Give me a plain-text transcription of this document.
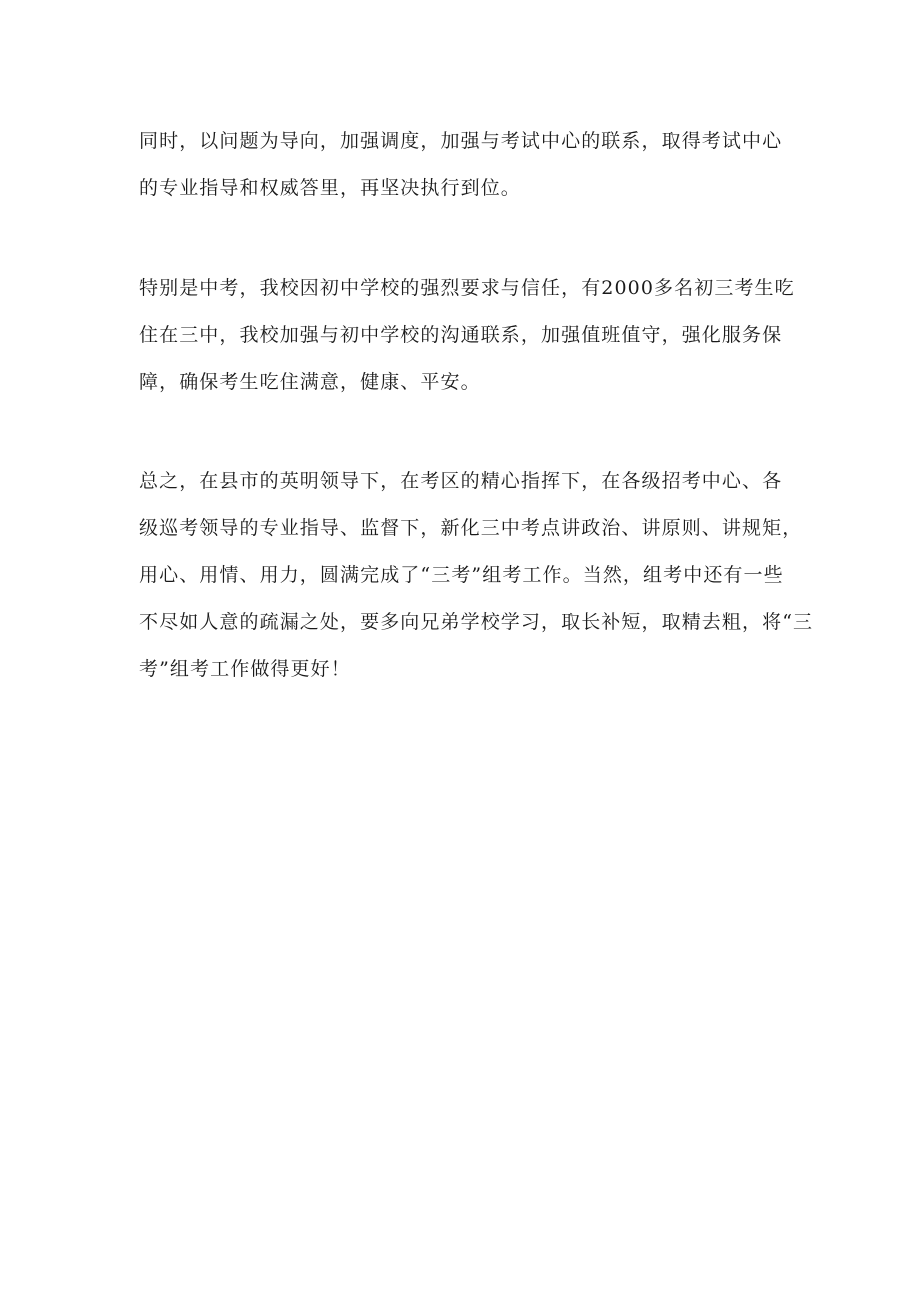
同时，以问题为导向，加强调度，加强与考试中心的联系，取得考试中心
的专业指导和权威答里，再坚决执行到位。

特别是中考，我校因初中学校的强烈要求与信任，有2000多名初三考生吃
住在三中，我校加强与初中学校的沟通联系，加强值班值守，强化服务保
障，确保考生吃住满意，健康、平安。

总之，在县市的英明领导下，在考区的精心指挥下，在各级招考中心、各
级巡考领导的专业指导、监督下，新化三中考点讲政治、讲原则、讲规矩，
用心、用情、用力，圆满完成了“三考”组考工作。当然，组考中还有一些
不尽如人意的疏漏之处，要多向兄弟学校学习，取长补短，取精去粗，将“三
考”组考工作做得更好！
